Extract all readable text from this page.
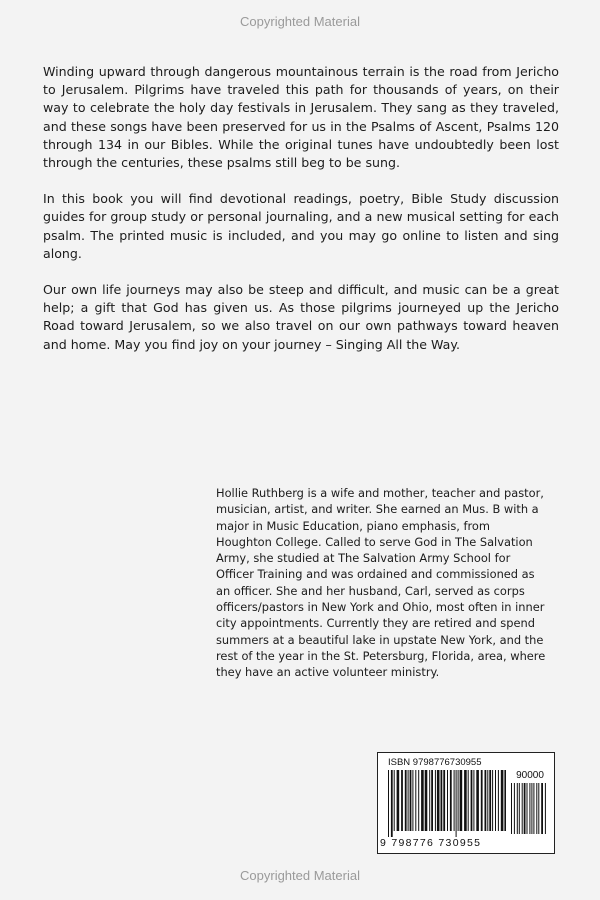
Copyrighted Material

Winding upward through dangerous mountainous terrain is the road from Jericho to Jerusalem. Pilgrims have traveled this path for thousands of years, on their way to celebrate the holy day festivals in Jerusalem. They sang as they traveled, and these songs have been preserved for us in the Psalms of Ascent, Psalms 120 through 134 in our Bibles. While the original tunes have undoubtedly been lost through the centuries, these psalms still beg to be sung.

In this book you will find devotional readings, poetry, Bible Study discussion guides for group study or personal journaling, and a new musical setting for each psalm. The printed music is included, and you may go online to listen and sing along.

Our own life journeys may also be steep and difficult, and music can be a great help; a gift that God has given us. As those pilgrims journeyed up the Jericho Road toward Jerusalem, so we also travel on our own pathways toward heaven and home. May you find joy on your journey – Singing All the Way.

Hollie Ruthberg is a wife and mother, teacher and pastor, musician, artist, and writer. She earned an Mus. B with a major in Music Education, piano emphasis, from Houghton College. Called to serve God in The Salvation Army, she studied at The Salvation Army School for Officer Training and was ordained and commissioned as an officer. She and her husband, Carl, served as corps officers/pastors in New York and Ohio, most often in inner city appointments. Currently they are retired and spend summers at a beautiful lake in upstate New York, and the rest of the year in the St. Petersburg, Florida, area, where they have an active volunteer ministry.
ISBN 9798776730955
90000
9 798776 730955
Copyrighted Material
